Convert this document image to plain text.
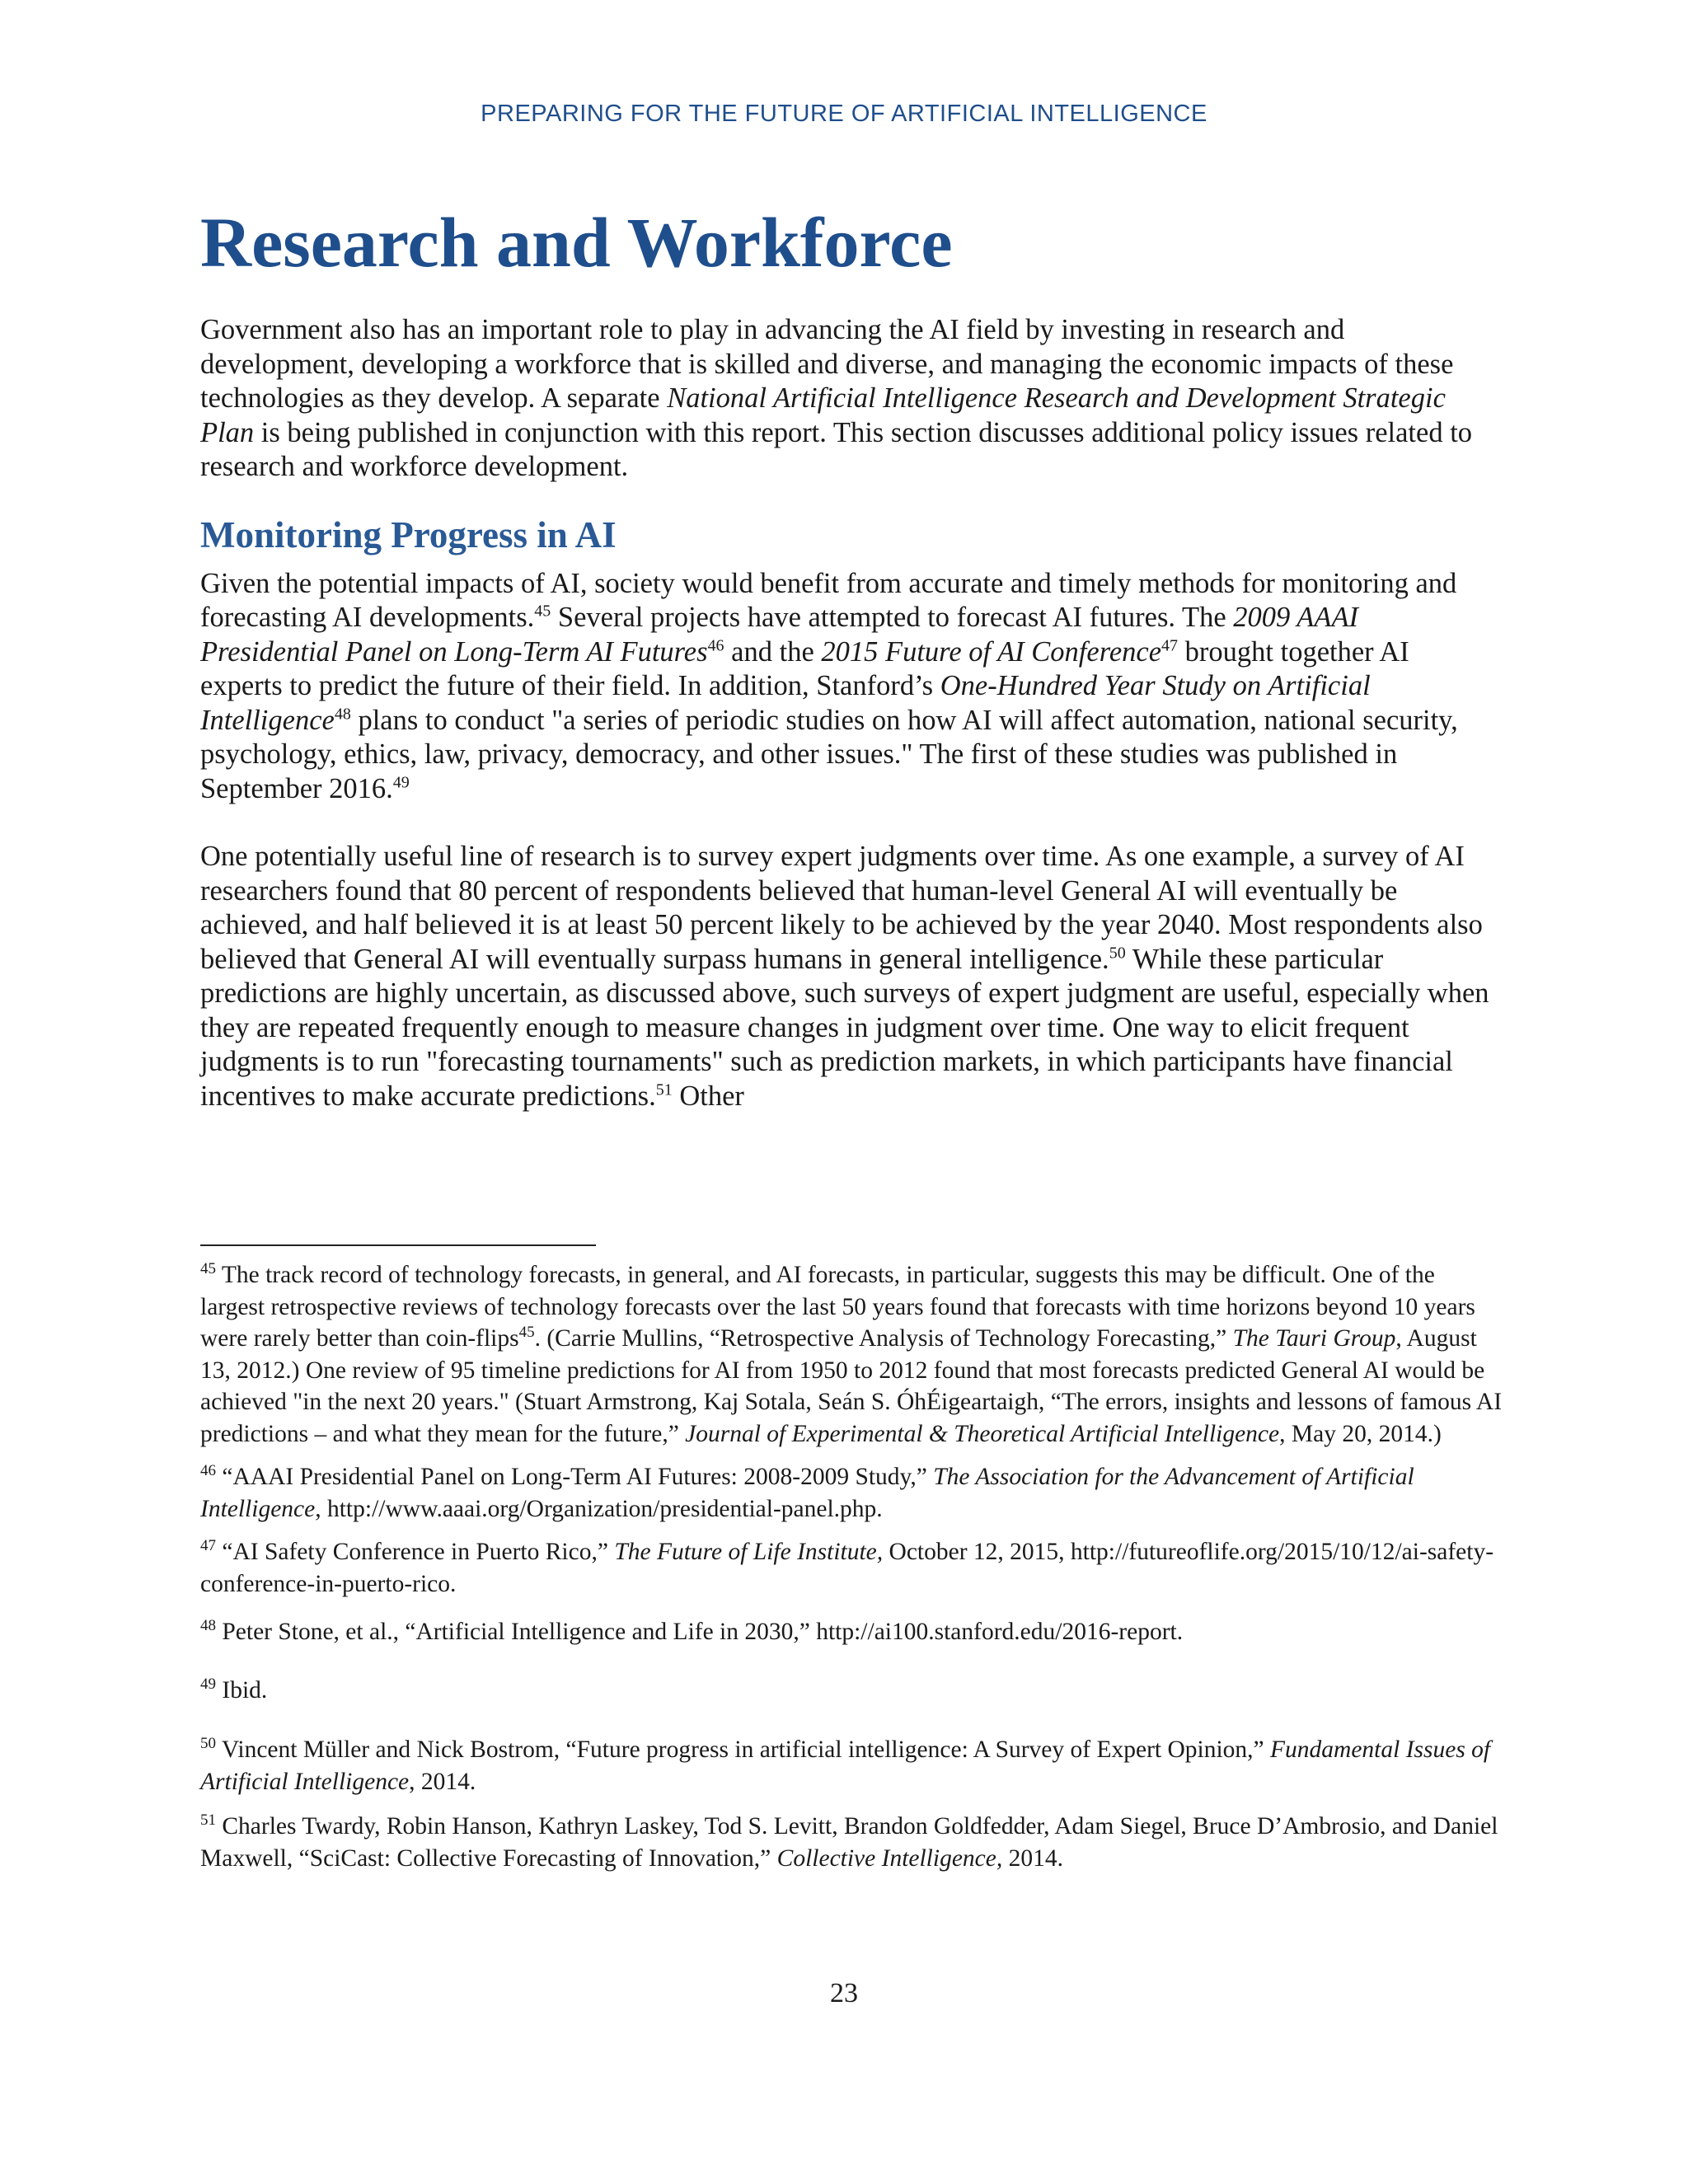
PREPARING FOR THE FUTURE OF ARTIFICIAL INTELLIGENCE
Research and Workforce

Government also has an important role to play in advancing the AI field by investing in research and development, developing a workforce that is skilled and diverse, and managing the economic impacts of these technologies as they develop. A separate National Artificial Intelligence Research and Development Strategic Plan is being published in conjunction with this report. This section discusses additional policy issues related to research and workforce development.

Monitoring Progress in AI

Given the potential impacts of AI, society would benefit from accurate and timely methods for monitoring and forecasting AI developments.$^{45}$ Several projects have attempted to forecast AI futures. The 2009 AAAI Presidential Panel on Long-Term AI Futures$^{46}$ and the 2015 Future of AI Conference$^{47}$ brought together AI experts to predict the future of their field. In addition, Stanford’s One-Hundred Year Study on Artificial Intelligence$^{48}$ plans to conduct "a series of periodic studies on how AI will affect automation, national security, psychology, ethics, law, privacy, democracy, and other issues." The first of these studies was published in September 2016.49

One potentially useful line of research is to survey expert judgments over time. As one example, a survey of AI researchers found that 80 percent of respondents believed that human-level General AI will eventually be achieved, and half believed it is at least 50 percent likely to be achieved by the year 2040. Most respondents also believed that General AI will eventually surpass humans in general intelligence.$^{50}$ While these particular predictions are highly uncertain, as discussed above, such surveys of expert judgment are useful, especially when they are repeated frequently enough to measure changes in judgment over time. One way to elicit frequent judgments is to run "forecasting tournaments" such as prediction markets, in which participants have financial incentives to make accurate predictions.$^{51}$ Other

$^{45}$ The track record of technology forecasts, in general, and AI forecasts, in particular, suggests this may be difficult. One of the largest retrospective reviews of technology forecasts over the last 50 years found that forecasts with time horizons beyond 10 years were rarely better than coin-flips$^{45}$. (Carrie Mullins, “Retrospective Analysis of Technology Forecasting,” The Tauri Group, August 13, 2012.) One review of 95 timeline predictions for AI from 1950 to 2012 found that most forecasts predicted General AI would be achieved "in the next 20 years." (Stuart Armstrong, Kaj Sotala, Seán S. ÓhÉigeartaigh, “The errors, insights and lessons of famous AI predictions – and what they mean for the future,” Journal of Experimental & Theoretical Artificial Intelligence, May 20, 2014.)

$^{46}$ “AAAI Presidential Panel on Long-Term AI Futures: 2008-2009 Study,” The Association for the Advancement of Artificial Intelligence, http://www.aaai.org/Organization/presidential-panel.php.

$^{47}$ “AI Safety Conference in Puerto Rico,” The Future of Life Institute, October 12, 2015, http://futureoflife.org/2015/10/12/ai-safety-conference-in-puerto-rico.

$^{48}$ Peter Stone, et al., “Artificial Intelligence and Life in 2030,” http://ai100.stanford.edu/2016-report.

$^{49}$ Ibid.

$^{50}$ Vincent Müller and Nick Bostrom, “Future progress in artificial intelligence: A Survey of Expert Opinion,” Fundamental Issues of Artificial Intelligence, 2014.

$^{51}$ Charles Twardy, Robin Hanson, Kathryn Laskey, Tod S. Levitt, Brandon Goldfedder, Adam Siegel, Bruce D’Ambrosio, and Daniel Maxwell, “SciCast: Collective Forecasting of Innovation,” Collective Intelligence, 2014.

23
